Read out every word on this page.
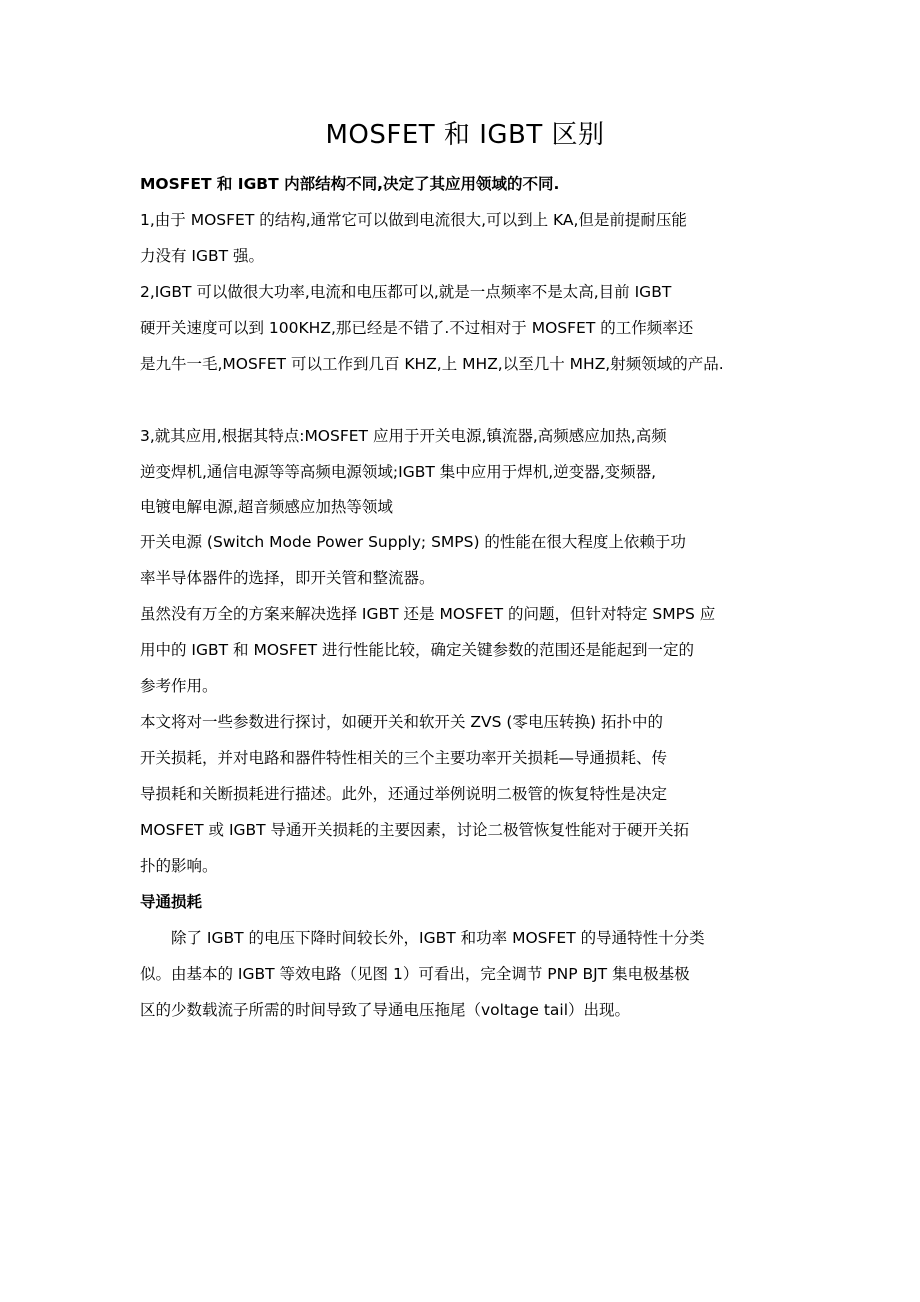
MOSFET 和 IGBT 区别

MOSFET 和 IGBT 内部结构不同,决定了其应用领域的不同.

1,由于 MOSFET 的结构,通常它可以做到电流很大,可以到上 KA,但是前提耐压能

力没有 IGBT 强。

2,IGBT 可以做很大功率,电流和电压都可以,就是一点频率不是太高,目前 IGBT

硬开关速度可以到 100KHZ,那已经是不错了.不过相对于 MOSFET 的工作频率还

是九牛一毛,MOSFET 可以工作到几百 KHZ,上 MHZ,以至几十 MHZ,射频领域的产品.

3,就其应用,根据其特点:MOSFET 应用于开关电源,镇流器,高频感应加热,高频

逆变焊机,通信电源等等高频电源领域;IGBT 集中应用于焊机,逆变器,变频器,

电镀电解电源,超音频感应加热等领域

开关电源 (Switch Mode Power Supply; SMPS) 的性能在很大程度上依赖于功

率半导体器件的选择，即开关管和整流器。

虽然没有万全的方案来解决选择 IGBT 还是 MOSFET 的问题，但针对特定 SMPS 应

用中的 IGBT 和 MOSFET 进行性能比较，确定关键参数的范围还是能起到一定的

参考作用。

本文将对一些参数进行探讨，如硬开关和软开关 ZVS (零电压转换) 拓扑中的

开关损耗，并对电路和器件特性相关的三个主要功率开关损耗—导通损耗、传

导损耗和关断损耗进行描述。此外，还通过举例说明二极管的恢复特性是决定

MOSFET 或 IGBT 导通开关损耗的主要因素，讨论二极管恢复性能对于硬开关拓

扑的影响。

导通损耗

除了 IGBT 的电压下降时间较长外，IGBT 和功率 MOSFET 的导通特性十分类

似。由基本的 IGBT 等效电路（见图 1）可看出，完全调节 PNP BJT 集电极基极

区的少数载流子所需的时间导致了导通电压拖尾（voltage tail）出现。
